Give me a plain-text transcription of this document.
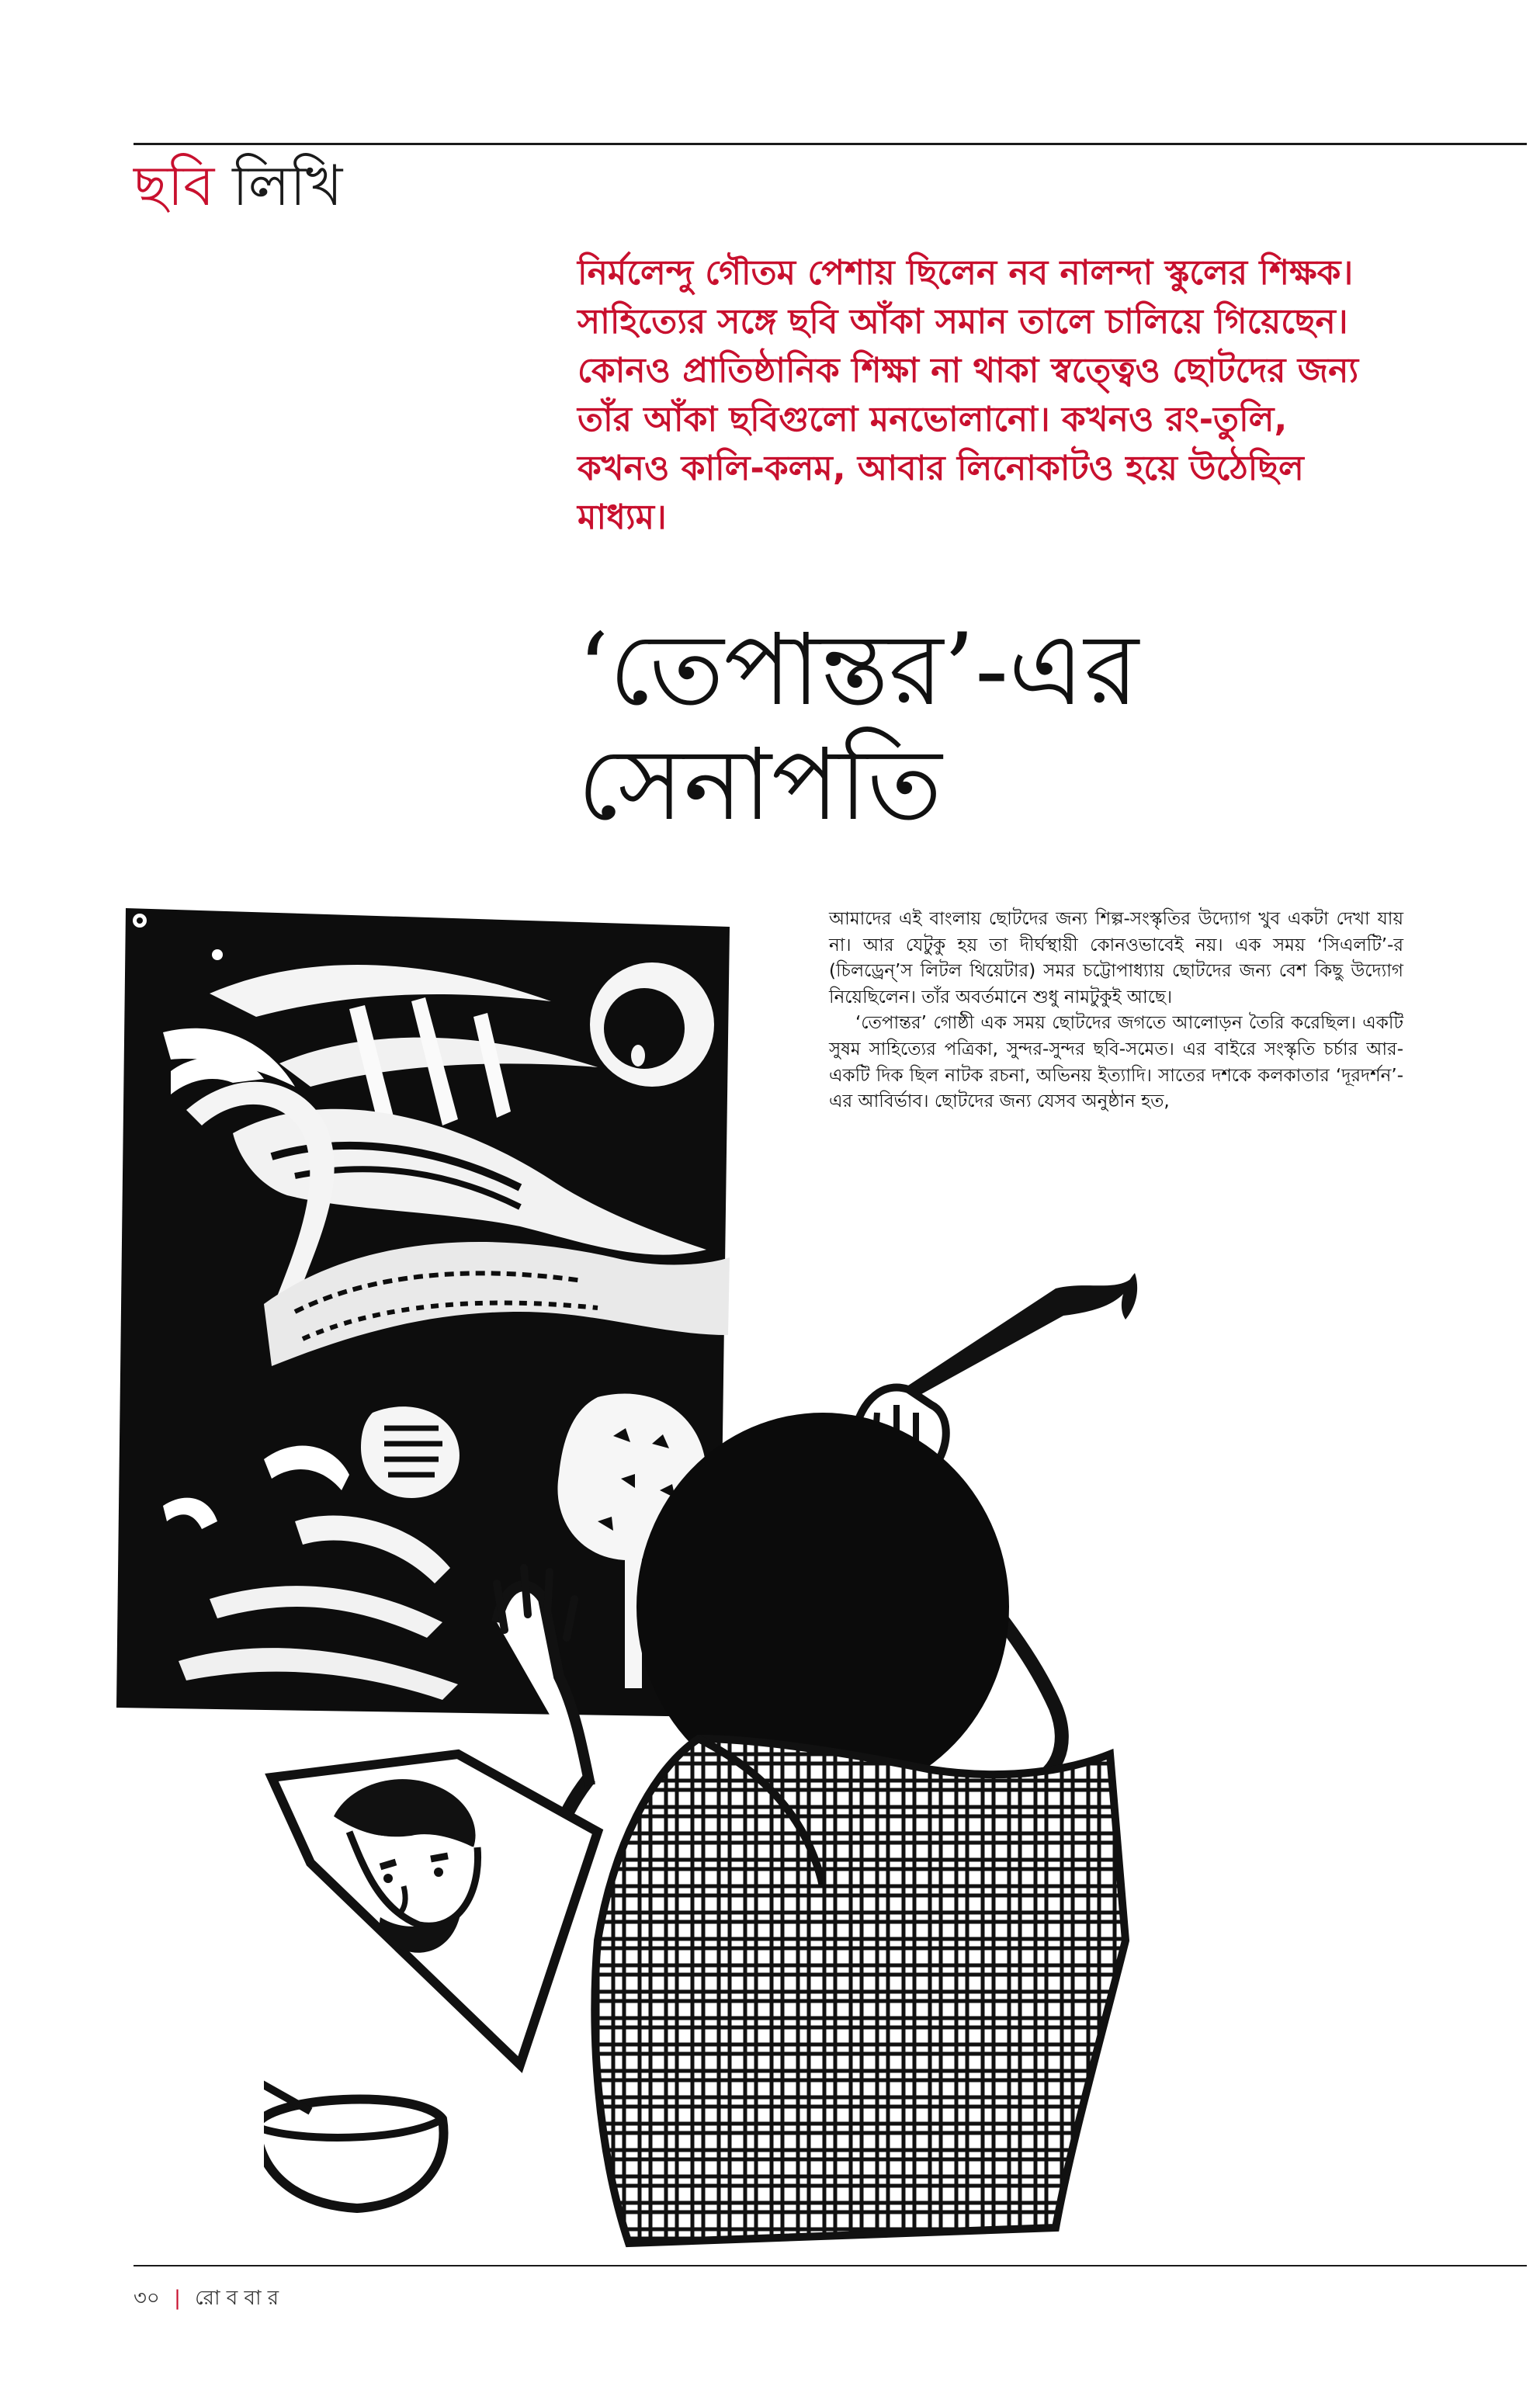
ছবি লিখি
নির্মলেন্দু গৌতম পেশায় ছিলেন নব নালন্দা স্কুলের শিক্ষক। সাহিত্যের সঙ্গে ছবি আঁকা সমান তালে চালিয়ে গিয়েছেন। কোনও প্রাতিষ্ঠানিক শিক্ষা না থাকা স্বত্ত্বেও ছোটদের জন্য তাঁর আঁকা ছবিগুলো মনভোলানো। কখনও রং-তুলি, কখনও কালি-কলম, আবার লিনোকাটও হয়ে উঠেছিল মাধ্যম।
‘তেপান্তর’-এর
সেনাপতি

আমাদের এই বাংলায় ছোটদের জন্য শিল্প-সংস্কৃতির উদ্যোগ খুব একটা দেখা যায় না। আর যেটুকু হয় তা দীর্ঘস্থায়ী কোনওভাবেই নয়। এক সময় ‘সিএলটি’-র (চিলড্রেন্’স লিটল থিয়েটার) সমর চট্টোপাধ্যায় ছোটদের জন্য বেশ কিছু উদ্যোগ নিয়েছিলেন। তাঁর অবর্তমানে শুধু নামটুকুই আছে।

‘তেপান্তর’ গোষ্ঠী এক সময় ছোটদের জগতে আলোড়ন তৈরি করেছিল। একটি সুষম সাহিত্যের পত্রিকা, সুন্দর-সুন্দর ছবি-সমেত। এর বাইরে সংস্কৃতি চর্চার আর-একটি দিক ছিল নাটক রচনা, অভিনয় ইত্যাদি। সাতের দশকে কলকাতার ‘দূরদর্শন’-এর আবির্ভাব। ছোটদের জন্য যেসব অনুষ্ঠান হত,

৩০ | রো ব বা র
